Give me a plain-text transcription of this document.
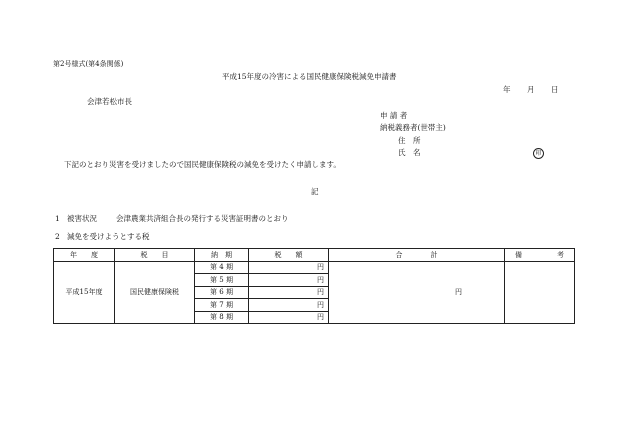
第2号様式(第4条関係)
平成15年度の冷害による国民健康保険税減免申請書
年 月 日
会津若松市長
申 請 者
納税義務者(世帯主)
住　所
氏　名	印
下記のとおり災害を受けましたので国民健康保険税の減免を受けたく申請します。
記
1 被害状況	会津農業共済組合長の発行する災害証明書のとおり
2 減免を受けようとする税
年　　度	税　　目	納　期	税　　額	合　　　　計	備　　　　　考
平成15年度	国民健康保険税	第 4 期	円	円	
		第 5 期	円		
		第 6 期	円		
		第 7 期	円		
		第 8 期	円		
